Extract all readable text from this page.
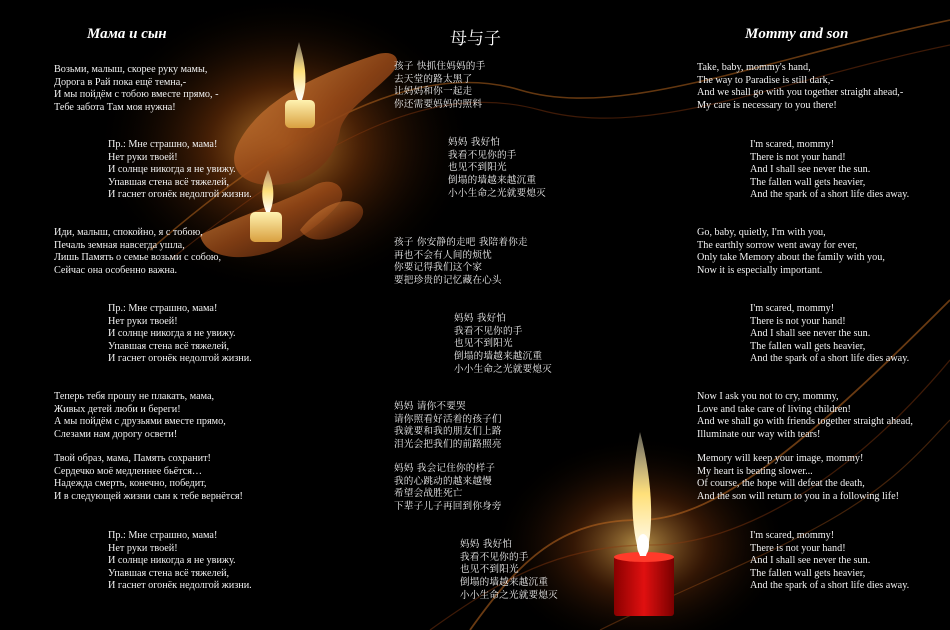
Мама и сын
Возьми, малыш, скорее руку мамы,
Дорога в Рай пока ещё темна,-
И мы пойдём с тобою вместе прямо, -
Тебе забота Там моя нужна!
Пр.: Мне страшно, мама!
Нет руки твоей!
И солнце никогда я не увижу.
Упавшая стена всё тяжелей,
И гаснет огонёк недолгой жизни.
Иди, малыш, спокойно, я с тобою,
Печаль земная навсегда ушла,
Лишь Память о семье возьми с собою,
Сейчас она особенно важна.
Пр.: Мне страшно, мама!
Нет руки твоей!
И солнце никогда я не увижу.
Упавшая стена всё тяжелей,
И гаснет огонёк недолгой жизни.
Теперь тебя прошу не плакать, мама,
Живых детей люби и береги!
А мы пойдём с друзьями вместе прямо,
Слезами нам дорогу освети!
Твой образ, мама, Память сохранит!
Сердечко моё медленнее бьётся…
Надежда смерть, конечно, победит,
И в следующей жизни сын к тебе вернётся!
Пр.: Мне страшно, мама!
Нет руки твоей!
И солнце никогда я не увижу.
Упавшая стена всё тяжелей,
И гаснет огонёк недолгой жизни.
母与子
孩子 快抓住妈妈的手
去天堂的路太黑了
让妈妈和你一起走
你还需要妈妈的照料
妈妈 我好怕
我看不见你的手
也见不到阳光
倒塌的墙越来越沉重
小小生命之光就要熄灭
孩子 你安静的走吧 我陪着你走
再也不会有人间的烦忧
你要记得我们这个家
要把珍贵的记忆藏在心头
妈妈 我好怕
我看不见你的手
也见不到阳光
倒塌的墙越来越沉重
小小生命之光就要熄灭
妈妈 请你不要哭
请你照看好活着的孩子们
我就要和我的朋友们上路
泪光会把我们的前路照亮
妈妈 我会记住你的样子
我的心跳动的越来越慢
希望会战胜死亡
下辈子儿子再回到你身旁
妈妈 我好怕
我看不见你的手
也见不到阳光
倒塌的墙越来越沉重
小小生命之光就要熄灭
Mommy and son
Take, baby, mommy's hand,
The way to Paradise is still dark,-
And we shall go with you together straight ahead,-
My care is necessary to you there!
I'm scared, mommy!
There is not your hand!
And I shall see never the sun.
The fallen wall gets heavier,
And the spark of a short life dies away.
Go, baby, quietly, I'm with you,
The earthly sorrow went away for ever,
Only take Memory about the family with you,
Now it is especially important.
I'm scared, mommy!
There is not your hand!
And I shall see never the sun.
The fallen wall gets heavier,
And the spark of a short life dies away.
Now I ask you not to cry, mommy,
Love and take care of living children!
And we shall go with friends together straight ahead,
Illuminate our way with tears!
Memory will keep your image, mommy!
My heart is beating slower...
Of course, the hope will defeat the death,
And the son will return to you in a following life!
I'm scared, mommy!
There is not your hand!
And I shall see never the sun.
The fallen wall gets heavier,
And the spark of a short life dies away.
